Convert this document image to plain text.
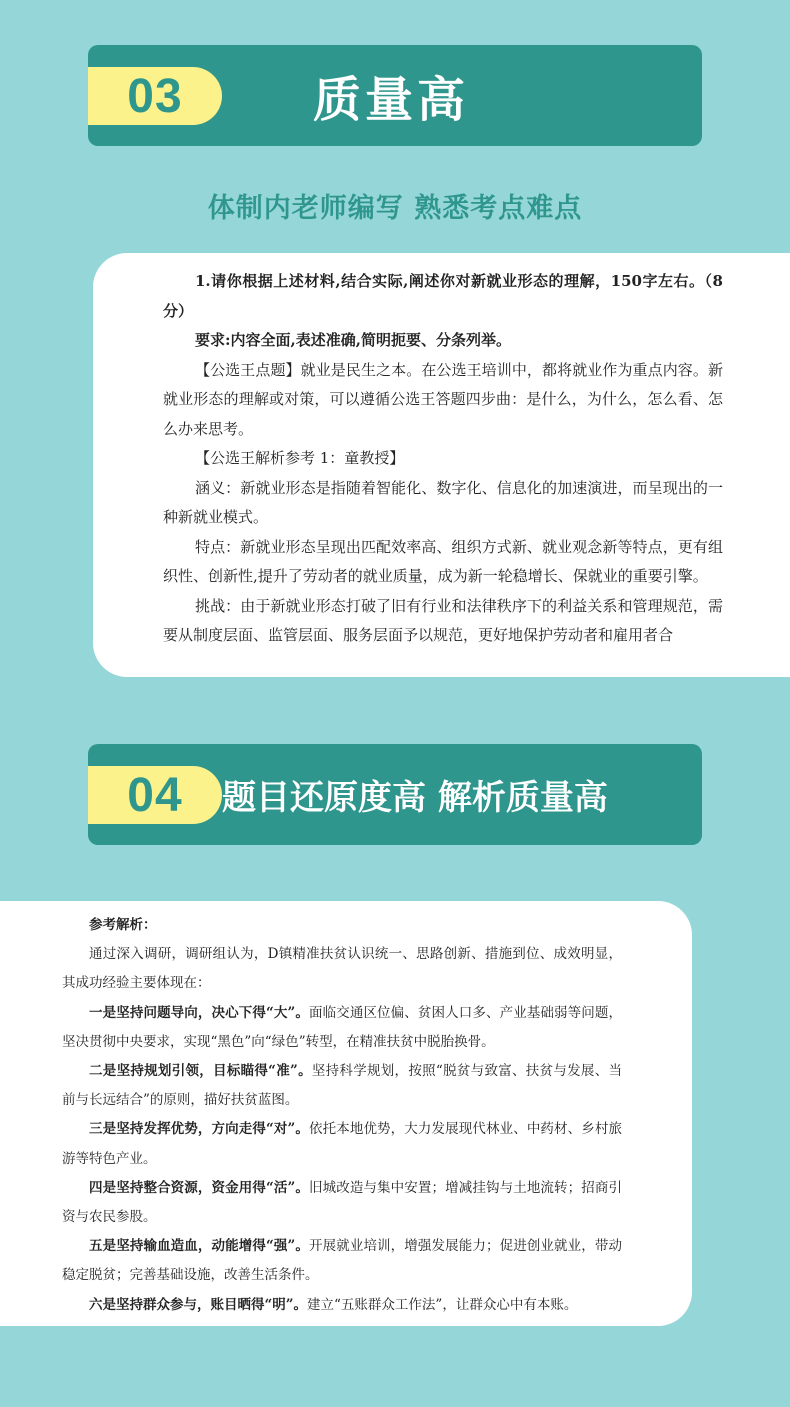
03	质量高
体制内老师编写 熟悉考点难点

1.请你根据上述材料,结合实际,阐述你对新就业形态的理解，150字左右。（8分）

要求:内容全面,表述准确,简明扼要、分条列举。

【公选王点题】就业是民生之本。在公选王培训中，都将就业作为重点内容。新就业形态的理解或对策，可以遵循公选王答题四步曲：是什么，为什么，怎么看、怎么办来思考。

【公选王解析参考 1：童教授】

涵义：新就业形态是指随着智能化、数字化、信息化的加速演进，而呈现出的一种新就业模式。

特点：新就业形态呈现出匹配效率高、组织方式新、就业观念新等特点，更有组织性、创新性,提升了劳动者的就业质量，成为新一轮稳增长、保就业的重要引擎。

挑战：由于新就业形态打破了旧有行业和法律秩序下的利益关系和管理规范，需要从制度层面、监管层面、服务层面予以规范，更好地保护劳动者和雇用者合

04	题目还原度高 解析质量高

参考解析：

通过深入调研，调研组认为，D镇精准扶贫认识统一、思路创新、措施到位、成效明显，其成功经验主要体现在：

一是坚持问题导向，决心下得“大”。面临交通区位偏、贫困人口多、产业基础弱等问题，坚决贯彻中央要求，实现“黑色”向“绿色”转型，在精准扶贫中脱胎换骨。

二是坚持规划引领，目标瞄得“准”。坚持科学规划，按照“脱贫与致富、扶贫与发展、当前与长远结合”的原则，描好扶贫蓝图。

三是坚持发挥优势，方向走得“对”。依托本地优势，大力发展现代林业、中药材、乡村旅游等特色产业。

四是坚持整合资源，资金用得“活”。旧城改造与集中安置；增减挂钩与土地流转；招商引资与农民参股。

五是坚持输血造血，动能增得“强”。开展就业培训，增强发展能力；促进创业就业，带动稳定脱贫；完善基础设施，改善生活条件。

六是坚持群众参与，账目晒得“明”。建立“五账群众工作法”，让群众心中有本账。
